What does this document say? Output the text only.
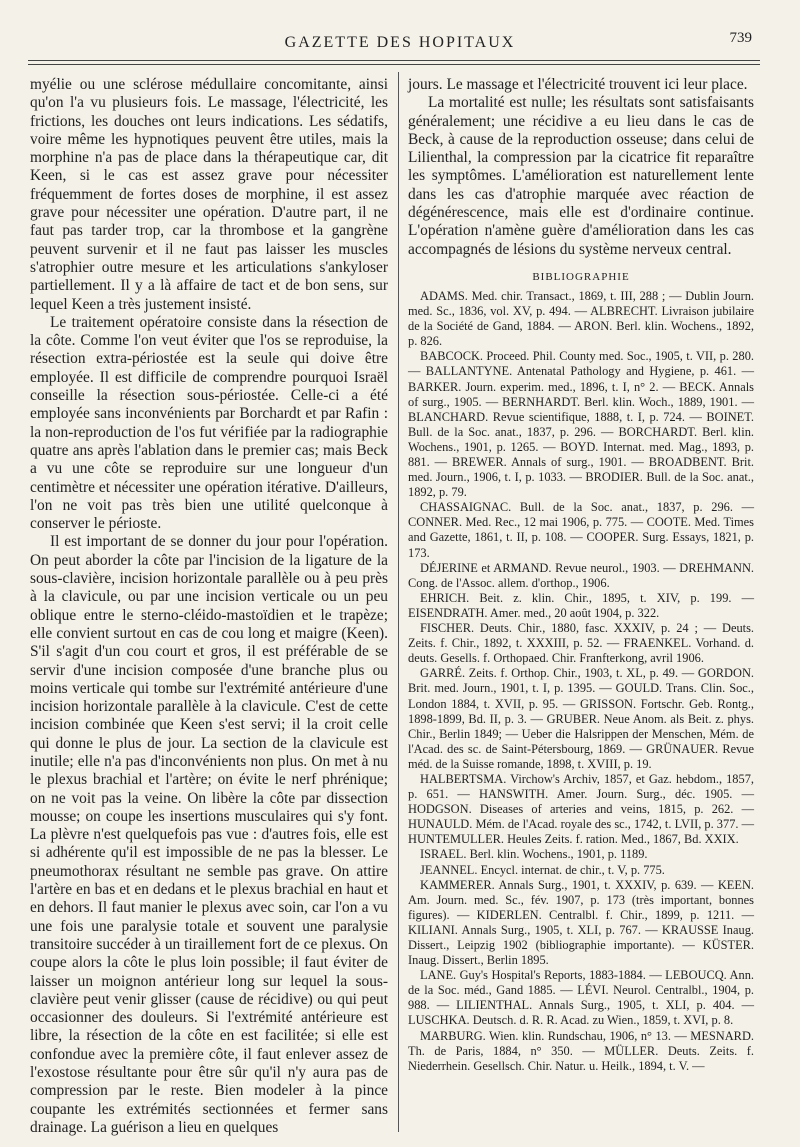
GAZETTE DES HOPITAUX	739

myélie ou une sclérose médullaire concomitante, ainsi qu'on l'a vu plusieurs fois. Le massage, l'électricité, les frictions, les douches ont leurs indications. Les sédatifs, voire même les hypnotiques peuvent être utiles, mais la morphine n'a pas de place dans la thérapeutique car, dit Keen, si le cas est assez grave pour nécessiter fréquemment de fortes doses de morphine, il est assez grave pour nécessiter une opération. D'autre part, il ne faut pas tarder trop, car la thrombose et la gangrène peuvent survenir et il ne faut pas laisser les muscles s'atrophier outre mesure et les articulations s'ankyloser partiellement. Il y a là affaire de tact et de bon sens, sur lequel Keen a très justement insisté.

Le traitement opératoire consiste dans la résection de la côte. Comme l'on veut éviter que l'os se reproduise, la résection extra-périostée est la seule qui doive être employée. Il est difficile de comprendre pourquoi Israël conseille la résection sous-périostée. Celle-ci a été employée sans inconvénients par Borchardt et par Rafin : la non-reproduction de l'os fut vérifiée par la radiographie quatre ans après l'ablation dans le premier cas; mais Beck a vu une côte se reproduire sur une longueur d'un centimètre et nécessiter une opération itérative. D'ailleurs, l'on ne voit pas très bien une utilité quelconque à conserver le périoste.

Il est important de se donner du jour pour l'opération. On peut aborder la côte par l'incision de la ligature de la sous-clavière, incision horizontale parallèle ou à peu près à la clavicule, ou par une incision verticale ou un peu oblique entre le sterno-cléido-mastoïdien et le trapèze; elle convient surtout en cas de cou long et maigre (Keen). S'il s'agit d'un cou court et gros, il est préférable de se servir d'une incision composée d'une branche plus ou moins verticale qui tombe sur l'extrémité antérieure d'une incision horizontale parallèle à la clavicule. C'est de cette incision combinée que Keen s'est servi; il la croit celle qui donne le plus de jour. La section de la clavicule est inutile; elle n'a pas d'inconvénients non plus. On met à nu le plexus brachial et l'artère; on évite le nerf phrénique; on ne voit pas la veine. On libère la côte par dissection mousse; on coupe les insertions musculaires qui s'y font. La plèvre n'est quelquefois pas vue : d'autres fois, elle est si adhérente qu'il est impossible de ne pas la blesser. Le pneumothorax résultant ne semble pas grave. On attire l'artère en bas et en dedans et le plexus brachial en haut et en dehors. Il faut manier le plexus avec soin, car l'on a vu une fois une paralysie totale et souvent une paralysie transitoire succéder à un tiraillement fort de ce plexus. On coupe alors la côte le plus loin possible; il faut éviter de laisser un moignon antérieur long sur lequel la sous-clavière peut venir glisser (cause de récidive) ou qui peut occasionner des douleurs. Si l'extrémité antérieure est libre, la résection de la côte en est facilitée; si elle est confondue avec la première côte, il faut enlever assez de l'exostose résultante pour être sûr qu'il n'y aura pas de compression par le reste. Bien modeler à la pince coupante les extrémités sectionnées et fermer sans drainage. La guérison a lieu en quelques

jours. Le massage et l'électricité trouvent ici leur place.

La mortalité est nulle; les résultats sont satisfaisants généralement; une récidive a eu lieu dans le cas de Beck, à cause de la reproduction osseuse; dans celui de Lilienthal, la compression par la cicatrice fit reparaître les symptômes. L'amélioration est naturellement lente dans les cas d'atrophie marquée avec réaction de dégénérescence, mais elle est d'ordinaire continue. L'opération n'amène guère d'amélioration dans les cas accompagnés de lésions du système nerveux central.

BIBLIOGRAPHIE

ADAMS. Med. chir. Transact., 1869, t. III, 288 ; — Dublin Journ. med. Sc., 1836, vol. XV, p. 494. — ALBRECHT. Livraison jubilaire de la Société de Gand, 1884. — ARON. Berl. klin. Wochens., 1892, p. 826.

BABCOCK. Proceed. Phil. County med. Soc., 1905, t. VII, p. 280. — BALLANTYNE. Antenatal Pathology and Hygiene, p. 461. — BARKER. Journ. experim. med., 1896, t. I, n° 2. — BECK. Annals of surg., 1905. — BERNHARDT. Berl. klin. Woch., 1889, 1901. — BLANCHARD. Revue scientifique, 1888, t. I, p. 724. — BOINET. Bull. de la Soc. anat., 1837, p. 296. — BORCHARDT. Berl. klin. Wochens., 1901, p. 1265. — BOYD. Internat. med. Mag., 1893, p. 881. — BREWER. Annals of surg., 1901. — BROADBENT. Brit. med. Journ., 1906, t. I, p. 1033. — BRODIER. Bull. de la Soc. anat., 1892, p. 79.

CHASSAIGNAC. Bull. de la Soc. anat., 1837, p. 296. — CONNER. Med. Rec., 12 mai 1906, p. 775. — COOTE. Med. Times and Gazette, 1861, t. II, p. 108. — COOPER. Surg. Essays, 1821, p. 173.

DÉJERINE et ARMAND. Revue neurol., 1903. — DREHMANN. Cong. de l'Assoc. allem. d'orthop., 1906.

EHRICH. Beit. z. klin. Chir., 1895, t. XIV, p. 199. — EISENDRATH. Amer. med., 20 août 1904, p. 322.

FISCHER. Deuts. Chir., 1880, fasc. XXXIV, p. 24 ; — Deuts. Zeits. f. Chir., 1892, t. XXXIII, p. 52. — FRAENKEL. Vorhand. d. deuts. Gesells. f. Orthopaed. Chir. Franfterkong, avril 1906.

GARRÉ. Zeits. f. Orthop. Chir., 1903, t. XL, p. 49. — GORDON. Brit. med. Journ., 1901, t. I, p. 1395. — GOULD. Trans. Clin. Soc., London 1884, t. XVII, p. 95. — GRISSON. Fortschr. Geb. Rontg., 1898-1899, Bd. II, p. 3. — GRUBER. Neue Anom. als Beit. z. phys. Chir., Berlin 1849; — Ueber die Halsrippen der Menschen, Mém. de l'Acad. des sc. de Saint-Pétersbourg, 1869. — GRÜNAUER. Revue méd. de la Suisse romande, 1898, t. XVIII, p. 19.

HALBERTSMA. Virchow's Archiv, 1857, et Gaz. hebdom., 1857, p. 651. — HANSWITH. Amer. Journ. Surg., déc. 1905. — HODGSON. Diseases of arteries and veins, 1815, p. 262. — HUNAULD. Mém. de l'Acad. royale des sc., 1742, t. LVII, p. 377. — HUNTEMULLER. Heules Zeits. f. ration. Med., 1867, Bd. XXIX.

ISRAEL. Berl. klin. Wochens., 1901, p. 1189.

JEANNEL. Encycl. internat. de chir., t. V, p. 775.

KAMMERER. Annals Surg., 1901, t. XXXIV, p. 639. — KEEN. Am. Journ. med. Sc., fév. 1907, p. 173 (très important, bonnes figures). — KIDERLEN. Centralbl. f. Chir., 1899, p. 1211. — KILIANI. Annals Surg., 1905, t. XLI, p. 767. — KRAUSSE Inaug. Dissert., Leipzig 1902 (bibliographie importante). — KÜSTER. Inaug. Dissert., Berlin 1895.

LANE. Guy's Hospital's Reports, 1883-1884. — LEBOUCQ. Ann. de la Soc. méd., Gand 1885. — LÉVI. Neurol. Centralbl., 1904, p. 988. — LILIENTHAL. Annals Surg., 1905, t. XLI, p. 404. — LUSCHKA. Deutsch. d. R. R. Acad. zu Wien., 1859, t. XVI, p. 8.

MARBURG. Wien. klin. Rundschau, 1906, n° 13. — MESNARD. Th. de Paris, 1884, n° 350. — MÜLLER. Deuts. Zeits. f. Niederrhein. Gesellsch. Chir. Natur. u. Heilk., 1894, t. V. —
